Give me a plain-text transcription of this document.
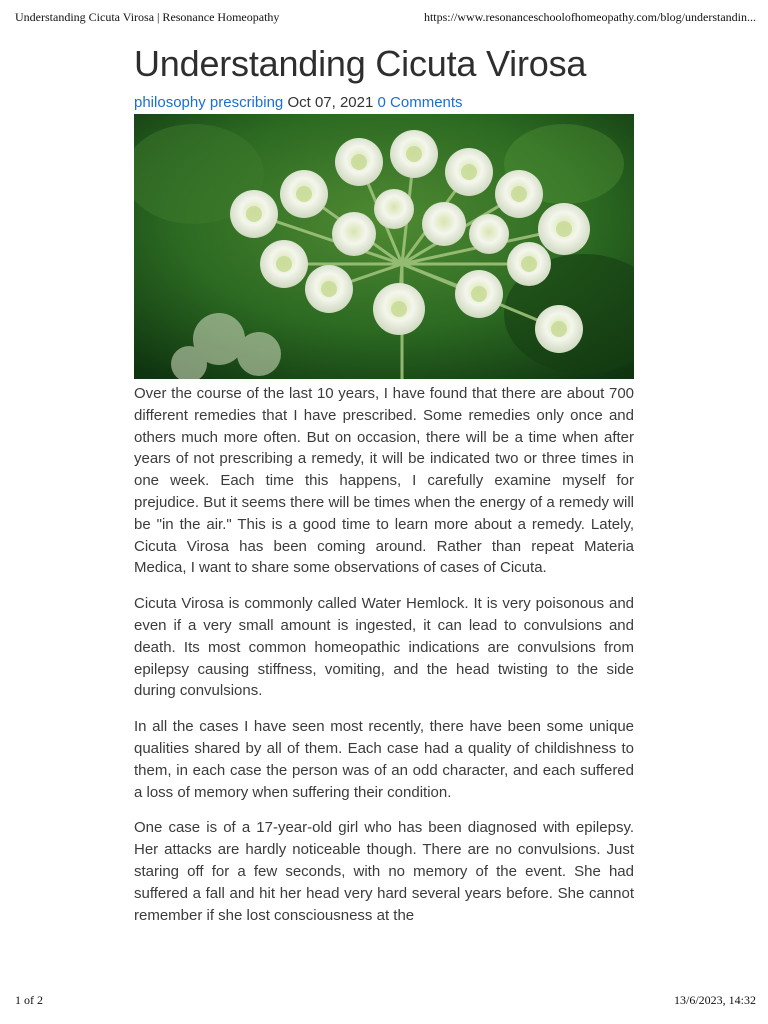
Understanding Cicuta Virosa | Resonance Homeopathy	https://www.resonanceschoolofhomeopathy.com/blog/understandin...
Understanding Cicuta Virosa
philosophy prescribing Oct 07, 2021 0 Comments

Over the course of the last 10 years, I have found that there are about 700 different remedies that I have prescribed. Some remedies only once and others much more often. But on occasion, there will be a time when after years of not prescribing a remedy, it will be indicated two or three times in one week. Each time this happens, I carefully examine myself for prejudice. But it seems there will be times when the energy of a remedy will be "in the air." This is a good time to learn more about a remedy. Lately, Cicuta Virosa has been coming around. Rather than repeat Materia Medica, I want to share some observations of cases of Cicuta.

Cicuta Virosa is commonly called Water Hemlock. It is very poisonous and even if a very small amount is ingested, it can lead to convulsions and death. Its most common homeopathic indications are convulsions from epilepsy causing stiffness, vomiting, and the head twisting to the side during convulsions.

In all the cases I have seen most recently, there have been some unique qualities shared by all of them. Each case had a quality of childishness to them, in each case the person was of an odd character, and each suffered a loss of memory when suffering their condition.

One case is of a 17-year-old girl who has been diagnosed with epilepsy. Her attacks are hardly noticeable though. There are no convulsions. Just staring off for a few seconds, with no memory of the event. She had suffered a fall and hit her head very hard several years before. She cannot remember if she lost consciousness at the

1 of 2	13/6/2023, 14:32
